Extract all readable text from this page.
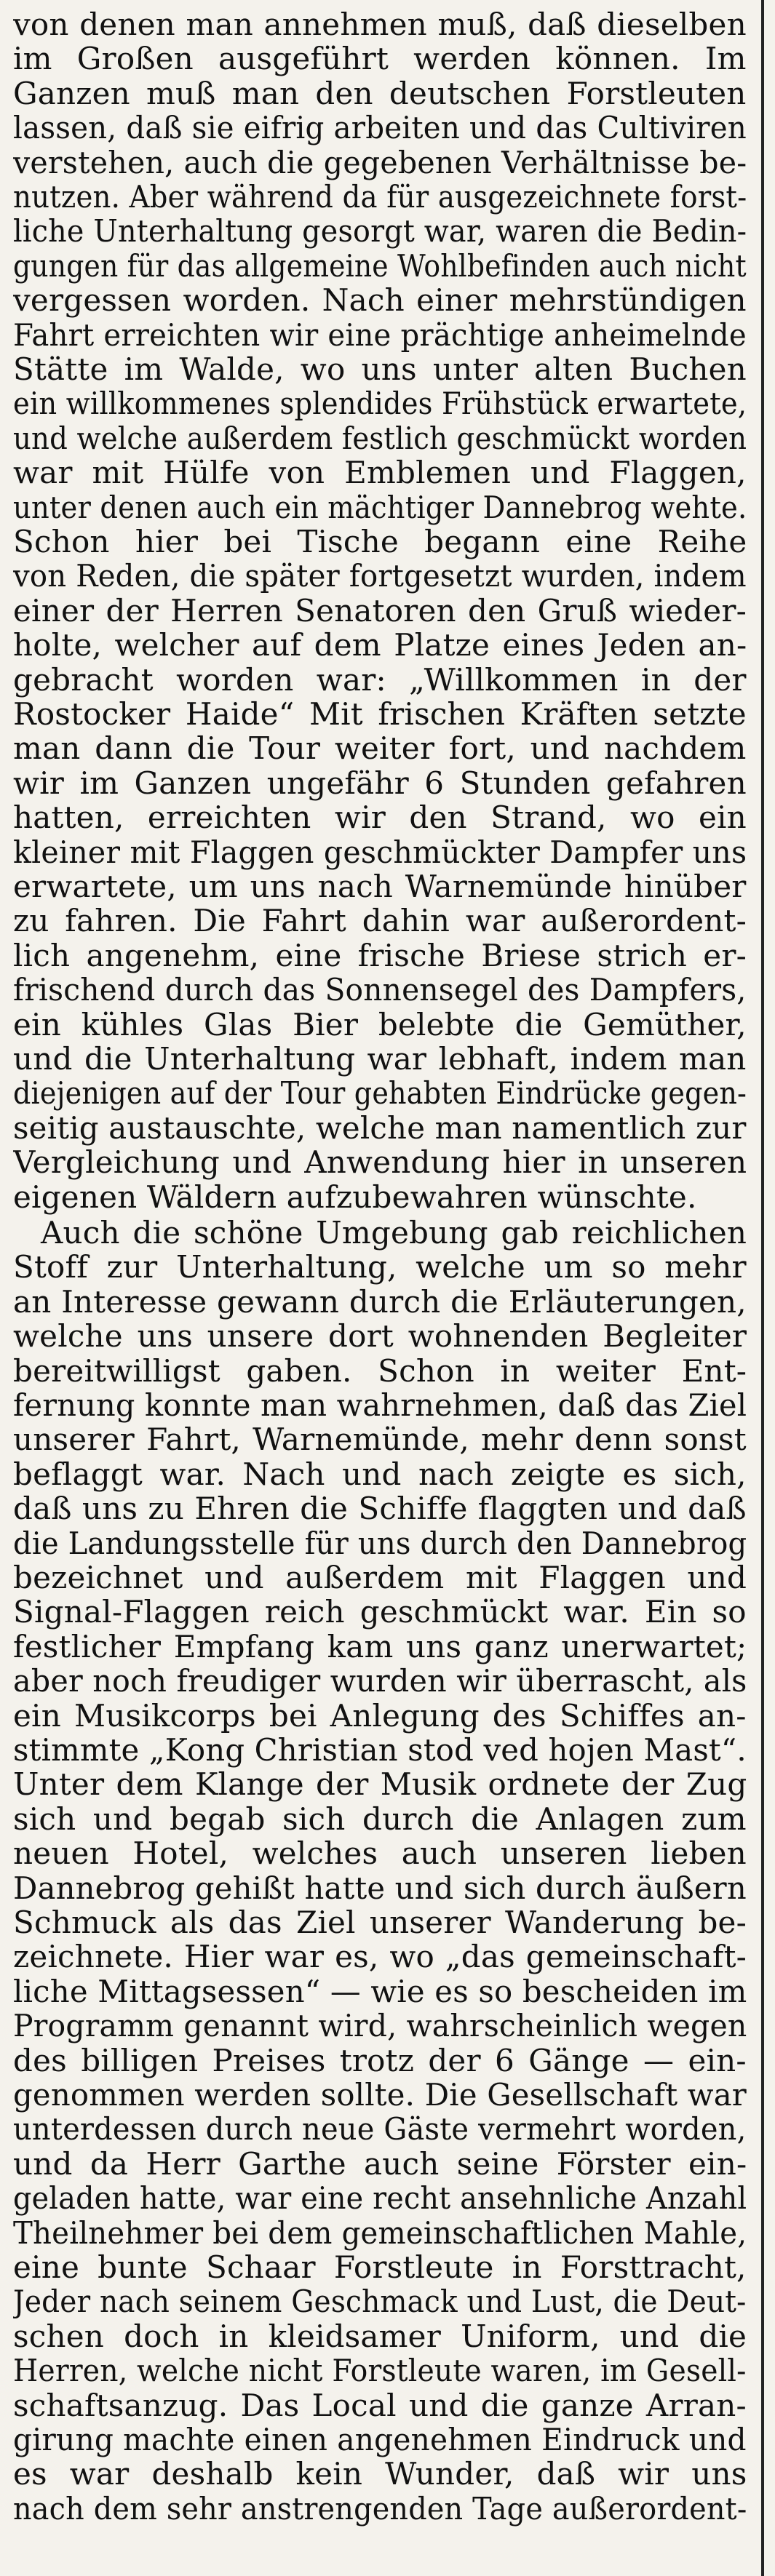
von denen man annehmen muß, daß dieselben
im Großen ausgeführt werden können. Im
Ganzen muß man den deutschen Forstleuten
lassen, daß sie eifrig arbeiten und das Cultiviren
verstehen, auch die gegebenen Verhältnisse be-
nutzen. Aber während da für ausgezeichnete forst-
liche Unterhaltung gesorgt war, waren die Bedin-
gungen für das allgemeine Wohlbefinden auch nicht
vergessen worden. Nach einer mehrstündigen
Fahrt erreichten wir eine prächtige anheimelnde
Stätte im Walde, wo uns unter alten Buchen
ein willkommenes splendides Frühstück erwartete,
und welche außerdem festlich geschmückt worden
war mit Hülfe von Emblemen und Flaggen,
unter denen auch ein mächtiger Dannebrog wehte.
Schon hier bei Tische begann eine Reihe
von Reden, die später fortgesetzt wurden, indem
einer der Herren Senatoren den Gruß wieder-
holte, welcher auf dem Platze eines Jeden an-
gebracht worden war: „Willkommen in der
Rostocker Haide“ Mit frischen Kräften setzte
man dann die Tour weiter fort, und nachdem
wir im Ganzen ungefähr 6 Stunden gefahren
hatten, erreichten wir den Strand, wo ein
kleiner mit Flaggen geschmückter Dampfer uns
erwartete, um uns nach Warnemünde hinüber
zu fahren. Die Fahrt dahin war außerordent-
lich angenehm, eine frische Briese strich er-
frischend durch das Sonnensegel des Dampfers,
ein kühles Glas Bier belebte die Gemüther,
und die Unterhaltung war lebhaft, indem man
diejenigen auf der Tour gehabten Eindrücke gegen-
seitig austauschte, welche man namentlich zur
Vergleichung und Anwendung hier in unseren
eigenen Wäldern aufzubewahren wünschte.
Auch die schöne Umgebung gab reichlichen
Stoff zur Unterhaltung, welche um so mehr
an Interesse gewann durch die Erläuterungen,
welche uns unsere dort wohnenden Begleiter
bereitwilligst gaben. Schon in weiter Ent-
fernung konnte man wahrnehmen, daß das Ziel
unserer Fahrt, Warnemünde, mehr denn sonst
beflaggt war. Nach und nach zeigte es sich,
daß uns zu Ehren die Schiffe flaggten und daß
die Landungsstelle für uns durch den Dannebrog
bezeichnet und außerdem mit Flaggen und
Signal-Flaggen reich geschmückt war. Ein so
festlicher Empfang kam uns ganz unerwartet;
aber noch freudiger wurden wir überrascht, als
ein Musikcorps bei Anlegung des Schiffes an-
stimmte „Kong Christian stod ved hojen Mast“.
Unter dem Klange der Musik ordnete der Zug
sich und begab sich durch die Anlagen zum
neuen Hotel, welches auch unseren lieben
Dannebrog gehißt hatte und sich durch äußern
Schmuck als das Ziel unserer Wanderung be-
zeichnete. Hier war es, wo „das gemeinschaft-
liche Mittagsessen“ — wie es so bescheiden im
Programm genannt wird, wahrscheinlich wegen
des billigen Preises trotz der 6 Gänge — ein-
genommen werden sollte. Die Gesellschaft war
unterdessen durch neue Gäste vermehrt worden,
und da Herr Garthe auch seine Förster ein-
geladen hatte, war eine recht ansehnliche Anzahl
Theilnehmer bei dem gemeinschaftlichen Mahle,
eine bunte Schaar Forstleute in Forsttracht,
Jeder nach seinem Geschmack und Lust, die Deut-
schen doch in kleidsamer Uniform, und die
Herren, welche nicht Forstleute waren, im Gesell-
schaftsanzug. Das Local und die ganze Arran-
girung machte einen angenehmen Eindruck und
es war deshalb kein Wunder, daß wir uns
nach dem sehr anstrengenden Tage außerordent-
